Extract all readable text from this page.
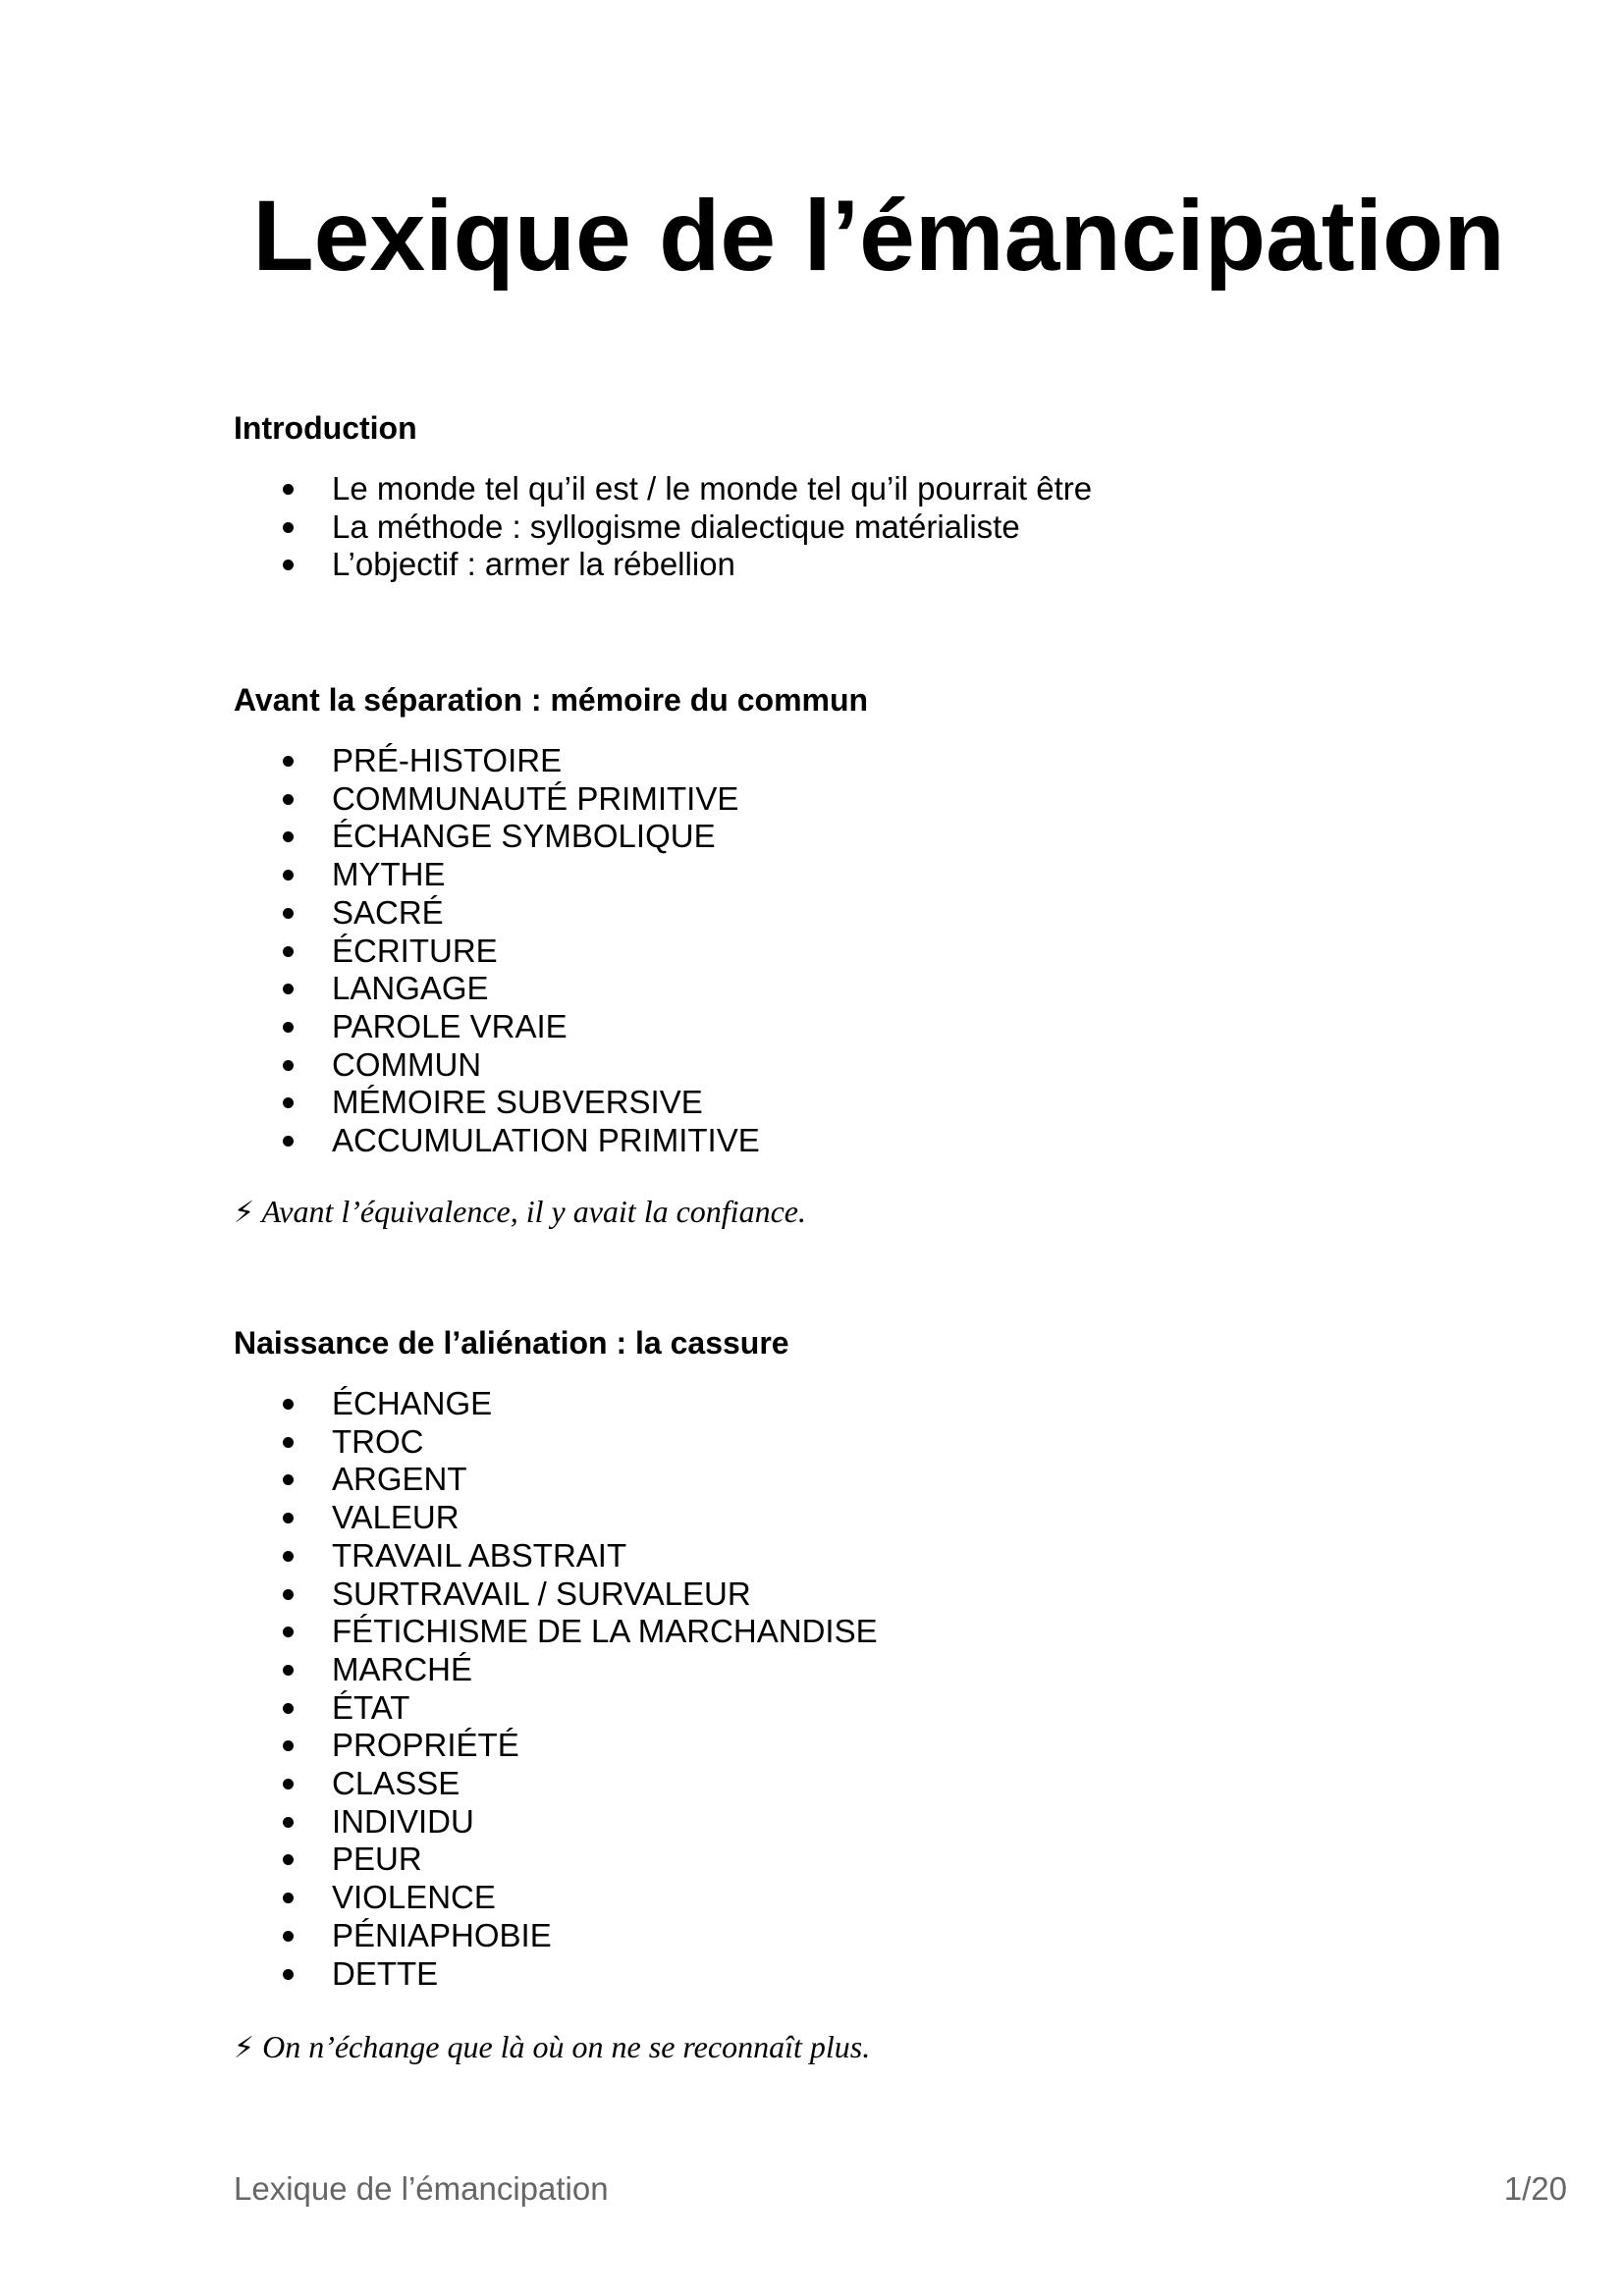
Lexique de l’émancipation
Introduction
Le monde tel qu’il est / le monde tel qu’il pourrait être
La méthode : syllogisme dialectique matérialiste
L’objectif : armer la rébellion
Avant la séparation : mémoire du commun
PRÉ-HISTOIRE
COMMUNAUTÉ PRIMITIVE
ÉCHANGE SYMBOLIQUE
MYTHE
SACRÉ
ÉCRITURE
LANGAGE
PAROLE VRAIE
COMMUN
MÉMOIRE SUBVERSIVE
ACCUMULATION PRIMITIVE

⚡ Avant l’équivalence, il y avait la confiance.

Naissance de l’aliénation : la cassure
ÉCHANGE
TROC
ARGENT
VALEUR
TRAVAIL ABSTRAIT
SURTRAVAIL / SURVALEUR
FÉTICHISME DE LA MARCHANDISE
MARCHÉ
ÉTAT
PROPRIÉTÉ
CLASSE
INDIVIDU
PEUR
VIOLENCE
PÉNIAPHOBIE
DETTE

⚡ On n’échange que là où on ne se reconnaît plus.

Lexique de l’émancipation	1/20
